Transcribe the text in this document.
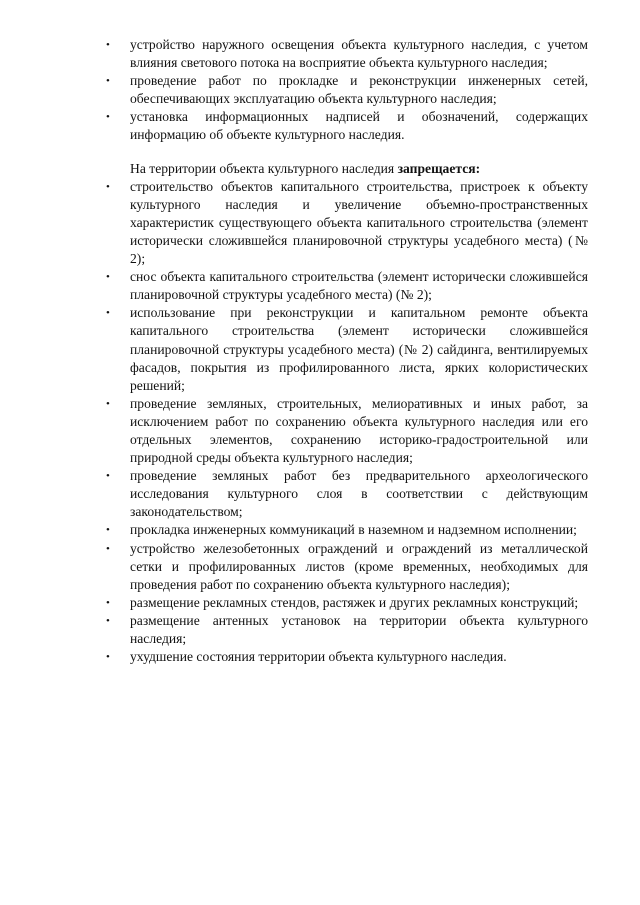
• устройство наружного освещения объекта культурного наследия, с учетом влияния светового потока на восприятие объекта культурного наследия;
• проведение работ по прокладке и реконструкции инженерных сетей, обеспечивающих эксплуатацию объекта культурного наследия;
• установка информационных надписей и обозначений, содержащих информацию об объекте культурного наследия.

На территории объекта культурного наследия запрещается:

• строительство объектов капитального строительства, пристроек к объекту культурного наследия и увеличение объемно-пространственных характеристик существующего объекта капитального строительства (элемент исторически сложившейся планировочной структуры усадебного места) (№ 2);
• снос объекта капитального строительства (элемент исторически сложившейся планировочной структуры усадебного места) (№ 2);
• использование при реконструкции и капитальном ремонте объекта капитального строительства (элемент исторически сложившейся планировочной структуры усадебного места) (№ 2) сайдинга, вентилируемых фасадов, покрытия из профилированного листа, ярких колористических решений;
• проведение земляных, строительных, мелиоративных и иных работ, за исключением работ по сохранению объекта культурного наследия или его отдельных элементов, сохранению историко-градостроительной или природной среды объекта культурного наследия;
• проведение земляных работ без предварительного археологического исследования культурного слоя в соответствии с действующим законодательством;
• прокладка инженерных коммуникаций в наземном и надземном исполнении;
• устройство железобетонных ограждений и ограждений из металлической сетки и профилированных листов (кроме временных, необходимых для проведения работ по сохранению объекта культурного наследия);
• размещение рекламных стендов, растяжек и других рекламных конструкций;
• размещение антенных установок на территории объекта культурного наследия;
• ухудшение состояния территории объекта культурного наследия.
